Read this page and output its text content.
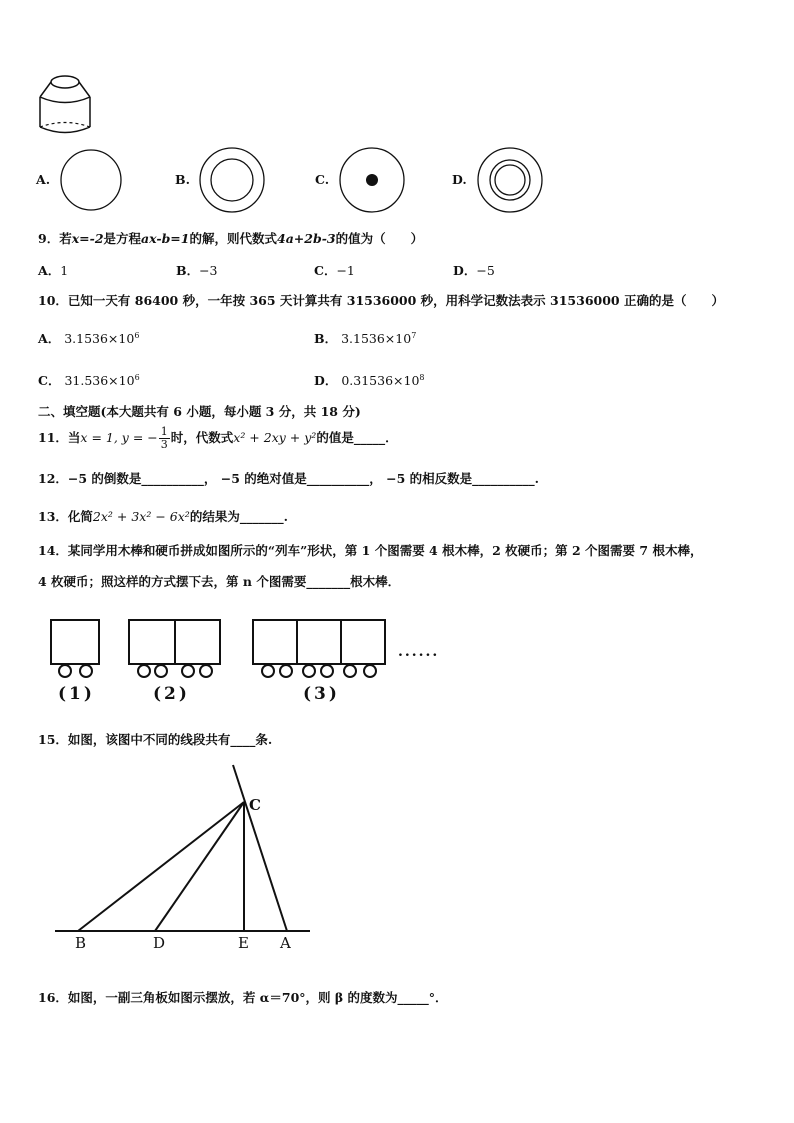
A.	B.	C.	D.
9．若x=-2是方程ax-b=1的解，则代数式4a+2b-3的值为（　　）
A．1	B．−3	C．−1	D．−5
10．已知一天有 86400 秒，一年按 365 天计算共有 31536000 秒，用科学记数法表示 31536000 正确的是（　　）
A． $3.1536\times 10^6$	B． $3.1536\times 10^7$
C． $31.536\times 10^6$	D． $0.31536\times 10^8$
二、填空题(本大题共有 6 小题，每小题 3 分，共 18 分)
11．当x = 1, y = − $\frac{1}{3}$ 时，代数式x² + 2xy + y²的值是_____．
12．−5 的倒数是__________， −5 的绝对值是__________， −5 的相反数是__________.
13．化简2x² + 3x² − 6x²的结果为_______.
14．某同学用木棒和硬币拼成如图所示的“列车”形状，第 1 个图需要 4 根木棒，2 枚硬币；第 2 个图需要 7 根木棒，
4 枚硬币；照这样的方式摆下去，第 n 个图需要_______根木棒．
......
(1)	(2)	(3)
15．如图，该图中不同的线段共有____条.
B	D	E A
C
16．如图，一副三角板如图示摆放，若 α＝70°，则 β 的度数为_____°．
